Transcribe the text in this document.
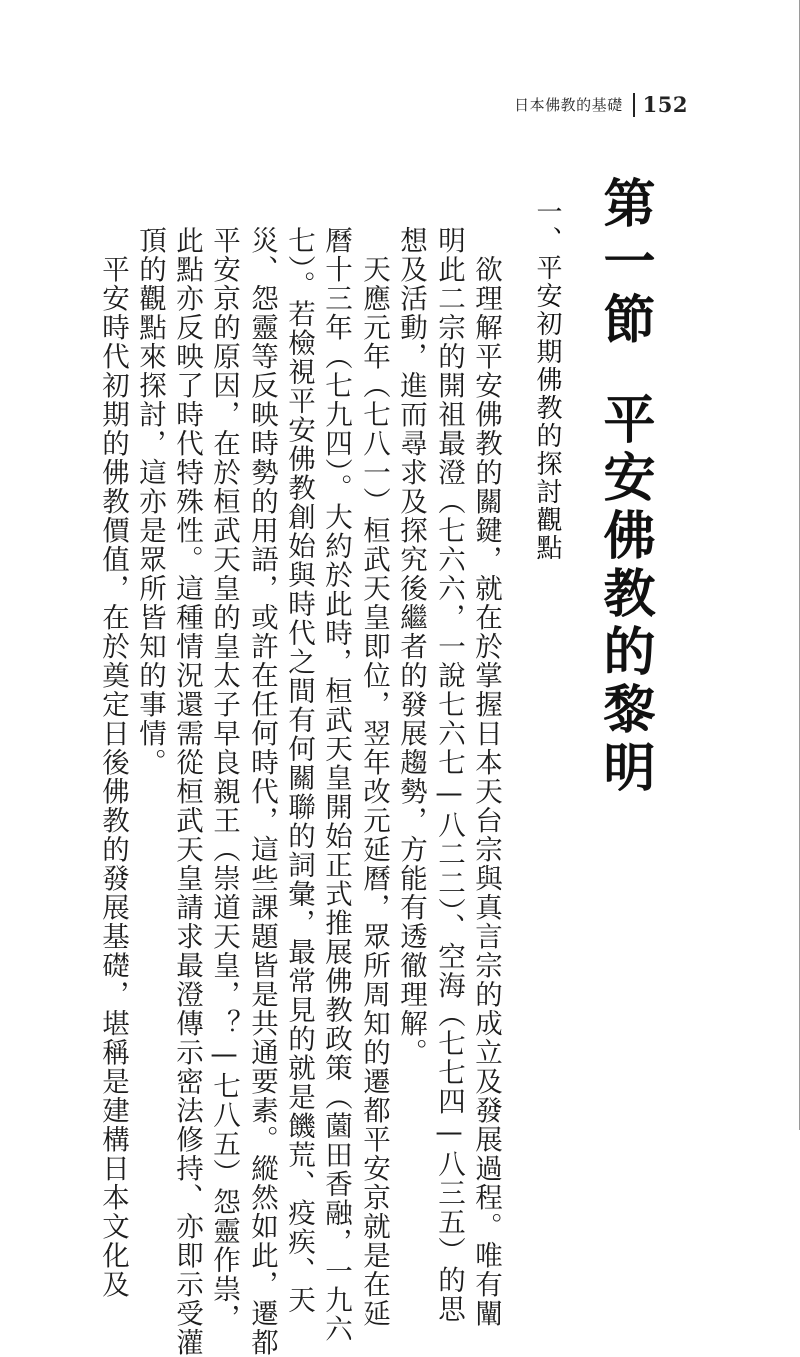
日本佛教的基礎 152
第一節平安佛教的黎明
一、平安初期佛教的探討觀點
　欲理解平安佛教的關鍵，就在於掌握日本天台宗與真言宗的成立及發展過程。唯有闡
明此二宗的開祖最澄（七六六，一說七六七—八二二）、空海（七七四—八三五）的思
想及活動，進而尋求及探究後繼者的發展趨勢，方能有透徹理解。
　天應元年（七八一）桓武天皇即位，翌年改元延曆，眾所周知的遷都平安京就是在延
曆十三年（七九四）。大約於此時，桓武天皇開始正式推展佛教政策（薗田香融，一九六
七）。若檢視平安佛教創始與時代之間有何關聯的詞彙，最常見的就是饑荒、疫疾、天
災、怨靈等反映時勢的用語，或許在任何時代，這些課題皆是共通要素。縱然如此，遷都
平安京的原因，在於桓武天皇的皇太子早良親王（崇道天皇，？—七八五）怨靈作祟，
此點亦反映了時代特殊性。這種情況還需從桓武天皇請求最澄傳示密法修持、亦即示受灌
頂的觀點來探討，這亦是眾所皆知的事情。
　平安時代初期的佛教價值，在於奠定日後佛教的發展基礎，堪稱是建構日本文化及
